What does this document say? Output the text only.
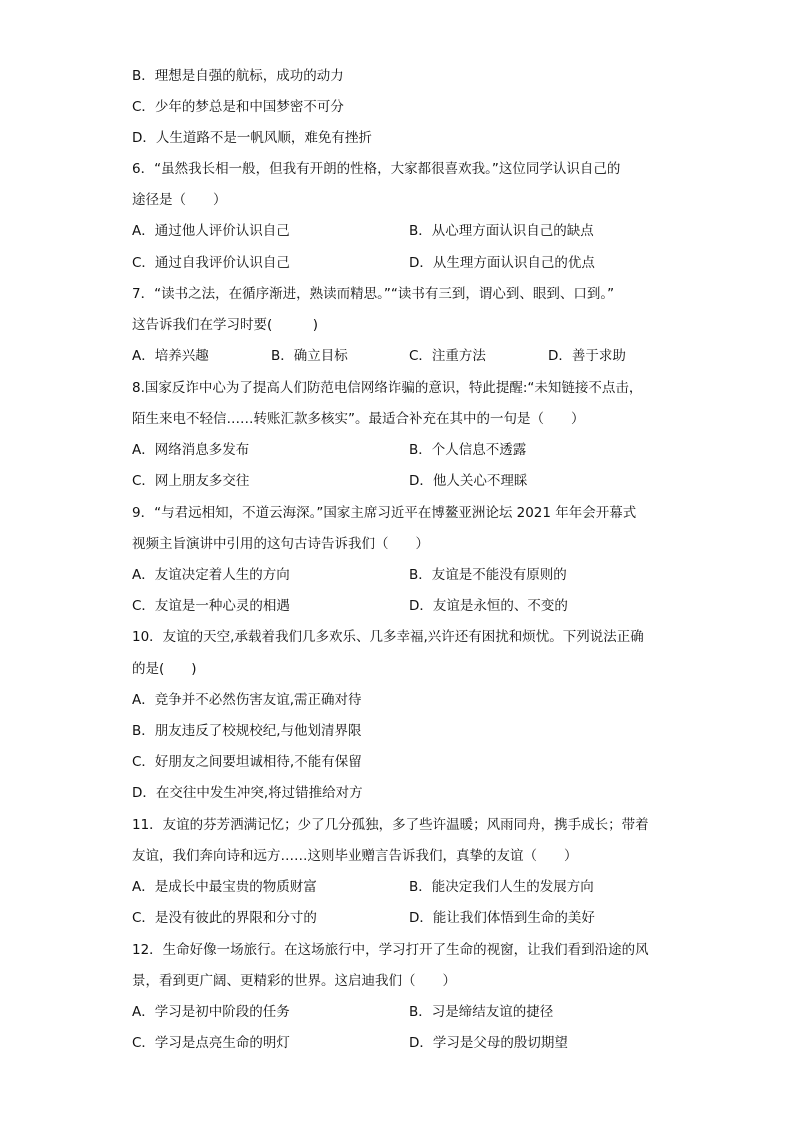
B．理想是自强的航标，成功的动力
C．少年的梦总是和中国梦密不可分
D．人生道路不是一帆风顺，难免有挫折
6．“虽然我长相一般，但我有开朗的性格，大家都很喜欢我。”这位同学认识自己的
途径是（　　）
A．通过他人评价认识自己	B．从心理方面认识自己的缺点
C．通过自我评价认识自己	D．从生理方面认识自己的优点
7．“读书之法，在循序渐进，熟读而精思。”“读书有三到，谓心到、眼到、口到。”
这告诉我们在学习时要(　　　)
A．培养兴趣	B．确立目标	C．注重方法	D．善于求助
8.国家反诈中心为了提高人们防范电信网络诈骗的意识，特此提醒:“未知链接不点击，
陌生来电不轻信……转账汇款多核实”。最适合补充在其中的一句是（　　）
A．网络消息多发布	B．个人信息不透露
C．网上朋友多交往	D．他人关心不理睬
9．“与君远相知，不道云海深。”国家主席习近平在博鳌亚洲论坛 2021 年年会开幕式
视频主旨演讲中引用的这句古诗告诉我们（　　）
A．友谊决定着人生的方向	B．友谊是不能没有原则的
C．友谊是一种心灵的相遇	D．友谊是永恒的、不变的
10．友谊的天空,承载着我们几多欢乐、几多幸福,兴许还有困扰和烦忧。下列说法正确
的是(　　)
A．竞争并不必然伤害友谊,需正确对待
B．朋友违反了校规校纪,与他划清界限
C．好朋友之间要坦诚相待,不能有保留
D．在交往中发生冲突,将过错推给对方
11．友谊的芬芳洒满记忆；少了几分孤独，多了些许温暖；风雨同舟，携手成长；带着
友谊，我们奔向诗和远方……这则毕业赠言告诉我们，真挚的友谊（　　）
A．是成长中最宝贵的物质财富	B．能决定我们人生的发展方向
C．是没有彼此的界限和分寸的	D．能让我们体悟到生命的美好
12．生命好像一场旅行。在这场旅行中，学习打开了生命的视窗，让我们看到沿途的风
景，看到更广阔、更精彩的世界。这启迪我们（　　）
A．学习是初中阶段的任务	B．习是缔结友谊的捷径
C．学习是点亮生命的明灯	D．学习是父母的殷切期望
